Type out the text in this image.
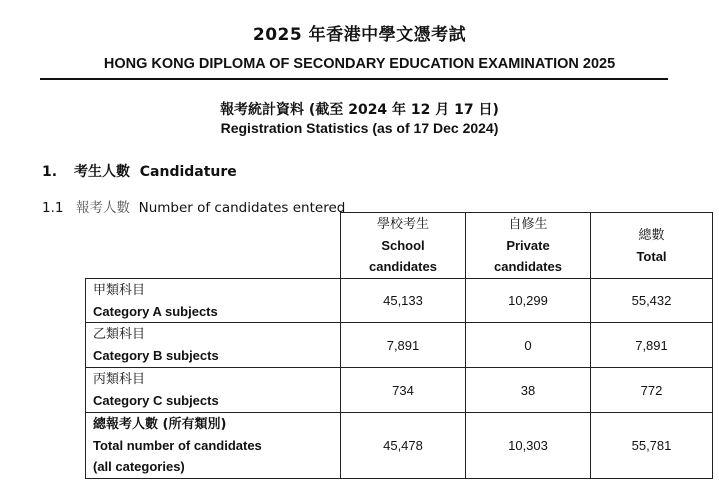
2025 年香港中學文憑考試
HONG KONG DIPLOMA OF SECONDARY EDUCATION EXAMINATION 2025
報考統計資料 (截至 2024 年 12 月 17 日)
Registration Statistics (as of 17 Dec 2024)
1. 考生人數 Candidature
1.1 報考人數 Number of candidates entered

	學校考生
School
candidates	自修生
Private
candidates	總數
Total

甲類科目
Category A subjects	45,133	10,299	55,432

乙類科目
Category B subjects	7,891	0	7,891

丙類科目
Category C subjects	734	38	772

總報考人數 (所有類別)
Total number of candidates
(all categories)	45,478	10,303	55,781
